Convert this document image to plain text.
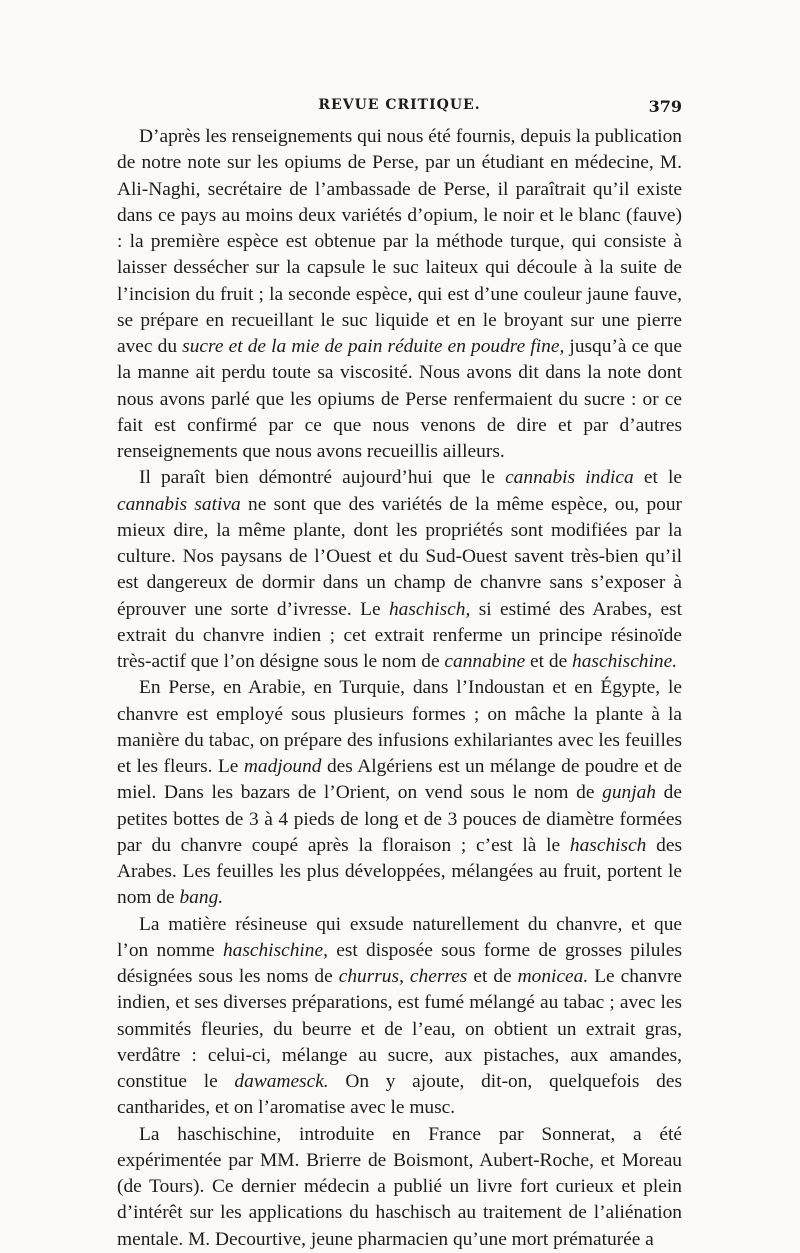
REVUE CRITIQUE.	379

D’après les renseignements qui nous été fournis, depuis la publication de notre note sur les opiums de Perse, par un étudiant en médecine, M. Ali-Naghi, secrétaire de l’ambassade de Perse, il paraîtrait qu’il existe dans ce pays au moins deux variétés d’opium, le noir et le blanc (fauve) : la première espèce est obtenue par la méthode turque, qui consiste à laisser dessécher sur la capsule le suc laiteux qui découle à la suite de l’incision du fruit ; la seconde espèce, qui est d’une couleur jaune fauve, se prépare en recueillant le suc liquide et en le broyant sur une pierre avec du sucre et de la mie de pain réduite en poudre fine, jusqu’à ce que la manne ait perdu toute sa viscosité. Nous avons dit dans la note dont nous avons parlé que les opiums de Perse renfermaient du sucre : or ce fait est confirmé par ce que nous venons de dire et par d’autres renseignements que nous avons recueillis ailleurs.

Il paraît bien démontré aujourd’hui que le cannabis indica et le cannabis sativa ne sont que des variétés de la même espèce, ou, pour mieux dire, la même plante, dont les propriétés sont modifiées par la culture. Nos paysans de l’Ouest et du Sud-Ouest savent très-bien qu’il est dangereux de dormir dans un champ de chanvre sans s’exposer à éprouver une sorte d’ivresse. Le haschisch, si estimé des Arabes, est extrait du chanvre indien ; cet extrait renferme un principe résinoïde très-actif que l’on désigne sous le nom de cannabine et de haschischine.

En Perse, en Arabie, en Turquie, dans l’Indoustan et en Égypte, le chanvre est employé sous plusieurs formes ; on mâche la plante à la manière du tabac, on prépare des infusions exhilariantes avec les feuilles et les fleurs. Le madjound des Algériens est un mélange de poudre et de miel. Dans les bazars de l’Orient, on vend sous le nom de gunjah de petites bottes de 3 à 4 pieds de long et de 3 pouces de diamètre formées par du chanvre coupé après la floraison ; c’est là le haschisch des Arabes. Les feuilles les plus développées, mélangées au fruit, portent le nom de bang.

La matière résineuse qui exsude naturellement du chanvre, et que l’on nomme haschischine, est disposée sous forme de grosses pilules désignées sous les noms de churrus, cherres et de monicea. Le chanvre indien, et ses diverses préparations, est fumé mélangé au tabac ; avec les sommités fleuries, du beurre et de l’eau, on obtient un extrait gras, verdâtre : celui-ci, mélange au sucre, aux pistaches, aux amandes, constitue le dawamesck. On y ajoute, dit-on, quelquefois des cantharides, et on l’aromatise avec le musc.

La haschischine, introduite en France par Sonnerat, a été expérimentée par MM. Brierre de Boismont, Aubert-Roche, et Moreau (de Tours). Ce dernier médecin a publié un livre fort curieux et plein d’intérêt sur les applications du haschisch au traitement de l’aliénation mentale. M. Decourtive, jeune pharmacien qu’une mort prématurée a
